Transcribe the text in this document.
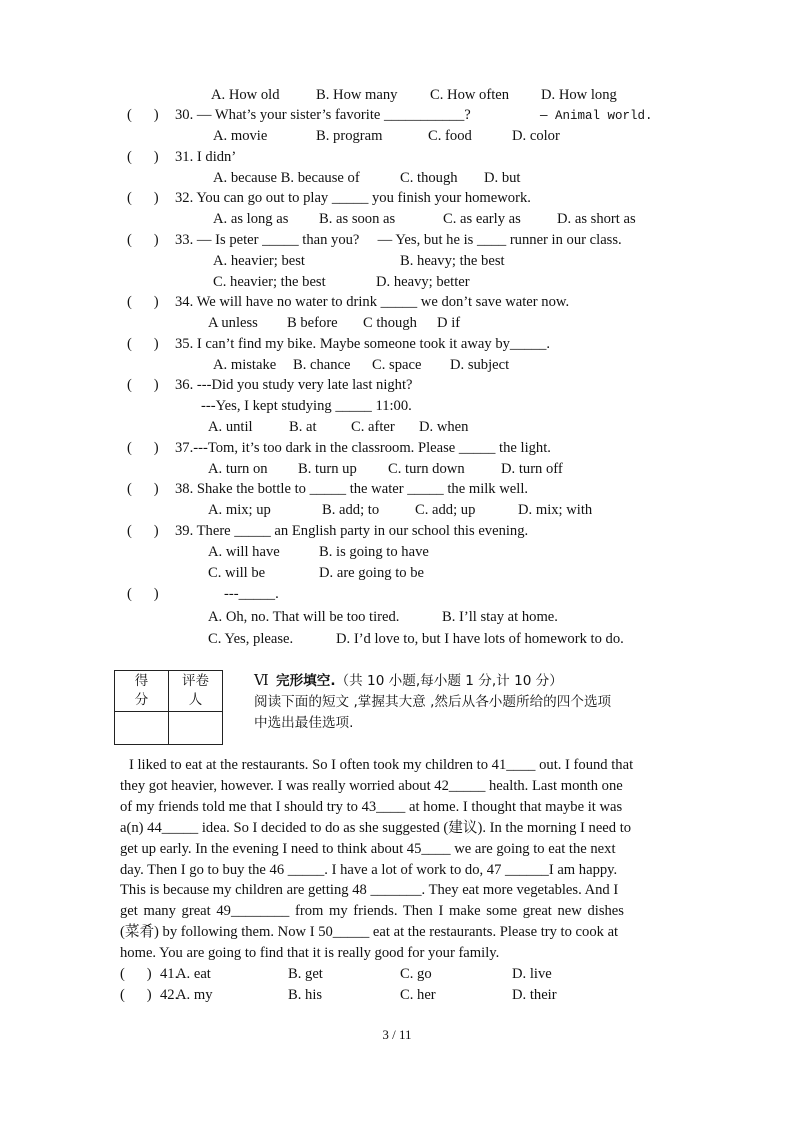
A. How old B. How many C. How often D. How long
(      ) 30. — What’s your sister’s favorite ___________?	— Animal world.
A. movie	B. program	C. food	D. color
(      ) 31. I didn’
A. because B. because of	C. though D. but
(      ) 32. You can go out to play _____ you finish your homework.
A. as long as B. as soon as	C. as early as D. as short as
(      ) 33. — Is peter _____ than you?     — Yes, but he is ____ runner in our class.
A. heavier; best	B. heavy; the best
C. heavier; the best	D. heavy; better
(      ) 34. We will have no water to drink _____ we don’t save water now.
A unless B before C though D if
(      ) 35. I can’t find my bike. Maybe someone took it away by_____.
A. mistake B. chance C. space D. subject
(      ) 36. ---Did you study very late last night?
---Yes, I kept studying _____ 11:00.
A. until B. at C. after D. when
(      ) 37.---Tom, it’s too dark in the classroom. Please _____ the light.
A. turn on B. turn up C. turn down D. turn off
(      ) 38. Shake the bottle to _____ the water _____ the milk well.
A. mix; up	B. add; to C. add; up	D. mix; with
(      ) 39. There _____ an English party in our school this evening.
A. will have	B. is going to have
C. will be	D. are going to be
(      )	---_____.
A. Oh, no. That will be too tired.	B. I’ll stay at home.
C. Yes, please.	D. I’d love to, but I have lots of homework to do.
得
分	评卷
人

Ⅵ 完形填空.（共 10 小题,每小题 1 分,计 10 分）
阅读下面的短文 ,掌握其大意 ,然后从各小题所给的四个选项
中选出最佳选项.
I liked to eat at the restaurants. So I often took my children to 41____ out. I found that
they got heavier, however. I was really worried about 42_____ health. Last month one
of my friends told me that I should try to 43____ at home. I thought that maybe it was
a(n) 44_____ idea. So I decided to do as she suggested (建议). In the morning I need to
get up early. In the evening I need to think about 45____ we are going to eat the next
day. Then I go to buy the 46 _____. I have a lot of work to do, 47 ______I am happy.
This is because my children are getting 48 _______. They eat more vegetables. And I
get many great 49________ from my friends. Then I make some great new dishes
(菜肴) by following them. Now I 50_____ eat at the restaurants. Please try to cook at
home. You are going to find that it is really good for your family.
(      ) 41.
A. eat	B. get	C. go	D. live
(      ) 42.
A. my	B. his	C. her	D. their
3 / 11
